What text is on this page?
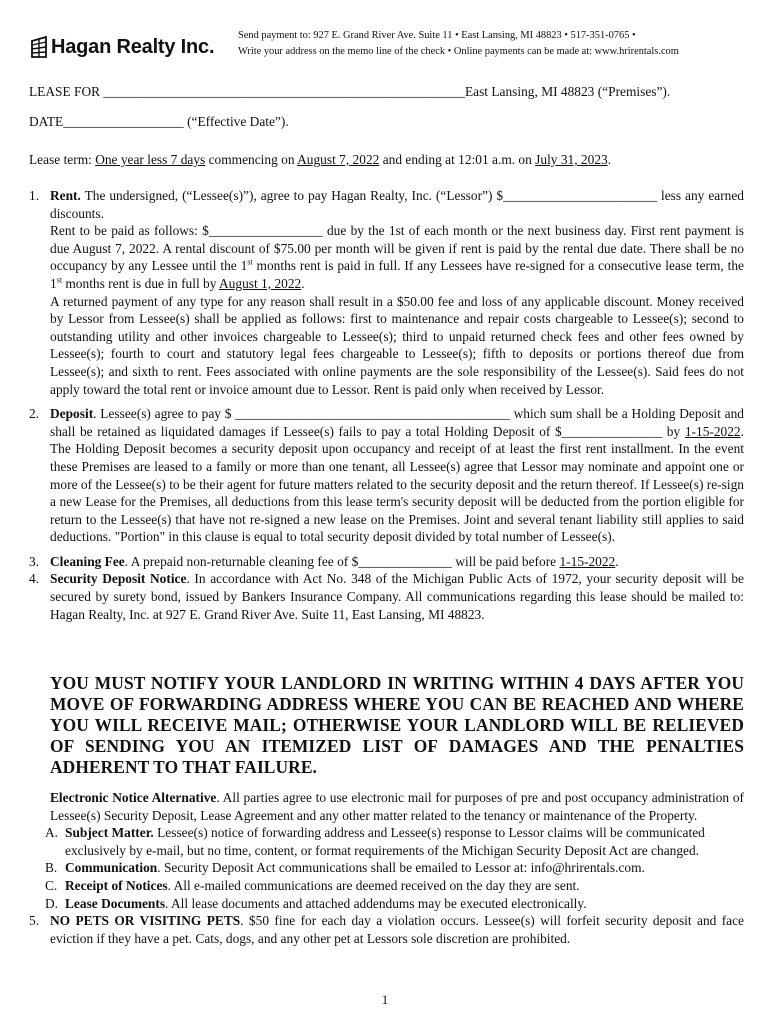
Hagan Realty Inc. Send payment to: 927 E. Grand River Ave. Suite 11 • East Lansing, MI 48823 • 517-351-0765 •
Write your address on the memo line of the check • Online payments can be made at: www.hrirentals.com
LEASE FOR ______________________________________________________East Lansing, MI 48823 (“Premises”).
DATE__________________ (“Effective Date”).
Lease term: One year less 7 days commencing on August 7, 2022 and ending at 12:01 a.m. on July 31, 2023.
1. Rent. The undersigned, (“Lessee(s)”), agree to pay Hagan Realty, Inc. (“Lessor”) $_______________________ less any earned discounts.

Rent to be paid as follows: $_________________ due by the 1st of each month or the next business day. First rent payment is due August 7, 2022. A rental discount of $75.00 per month will be given if rent is paid by the rental due date. There shall be no occupancy by any Lessee until the 1st months rent is paid in full. If any Lessees have re-signed for a consecutive lease term, the 1st months rent is due in full by August 1, 2022.

A returned payment of any type for any reason shall result in a $50.00 fee and loss of any applicable discount. Money received by Lessor from Lessee(s) shall be applied as follows: first to maintenance and repair costs chargeable to Lessee(s); second to outstanding utility and other invoices chargeable to Lessee(s); third to unpaid returned check fees and other fees owned by Lessee(s); fourth to court and statutory legal fees chargeable to Lessee(s); fifth to deposits or portions thereof due from Lessee(s); and sixth to rent. Fees associated with online payments are the sole responsibility of the Lessee(s). Said fees do not apply toward the total rent or invoice amount due to Lessor. Rent is paid only when received by Lessor.

2. Deposit. Lessee(s) agree to pay $ _________________________________________ which sum shall be a Holding Deposit and shall be retained as liquidated damages if Lessee(s) fails to pay a total Holding Deposit of $_______________ by 1-15-2022. The Holding Deposit becomes a security deposit upon occupancy and receipt of at least the first rent installment. In the event these Premises are leased to a family or more than one tenant, all Lessee(s) agree that Lessor may nominate and appoint one or more of the Lessee(s) to be their agent for future matters related to the security deposit and the return thereof. If Lessee(s) re-sign a new Lease for the Premises, all deductions from this lease term's security deposit will be deducted from the portion eligible for return to the Lessee(s) that have not re-signed a new lease on the Premises. Joint and several tenant liability still applies to said deductions. "Portion" in this clause is equal to total security deposit divided by total number of Lessee(s).

3. Cleaning Fee. A prepaid non-returnable cleaning fee of $______________ will be paid before 1-15-2022.

4. Security Deposit Notice. In accordance with Act No. 348 of the Michigan Public Acts of 1972, your security deposit will be secured by surety bond, issued by Bankers Insurance Company. All communications regarding this lease should be mailed to: Hagan Realty, Inc. at 927 E. Grand River Ave. Suite 11, East Lansing, MI 48823.

YOU MUST NOTIFY YOUR LANDLORD IN WRITING WITHIN 4 DAYS AFTER YOU MOVE OF FORWARDING ADDRESS WHERE YOU CAN BE REACHED AND WHERE YOU WILL RECEIVE MAIL; OTHERWISE YOUR LANDLORD WILL BE RELIEVED OF SENDING YOU AN ITEMIZED LIST OF DAMAGES AND THE PENALTIES ADHERENT TO THAT FAILURE.

Electronic Notice Alternative. All parties agree to use electronic mail for purposes of pre and post occupancy administration of Lessee(s) Security Deposit, Lease Agreement and any other matter related to the tenancy or maintenance of the Property.

A. Subject Matter. Lessee(s) notice of forwarding address and Lessee(s) response to Lessor claims will be communicated exclusively by e-mail, but no time, content, or format requirements of the Michigan Security Deposit Act are changed.

B. Communication. Security Deposit Act communications shall be emailed to Lessor at: info@hrirentals.com.

C. Receipt of Notices. All e-mailed communications are deemed received on the day they are sent.

D. Lease Documents. All lease documents and attached addendums may be executed electronically.

5. NO PETS OR VISITING PETS. $50 fine for each day a violation occurs. Lessee(s) will forfeit security deposit and face eviction if they have a pet. Cats, dogs, and any other pet at Lessors sole discretion are prohibited.

1
